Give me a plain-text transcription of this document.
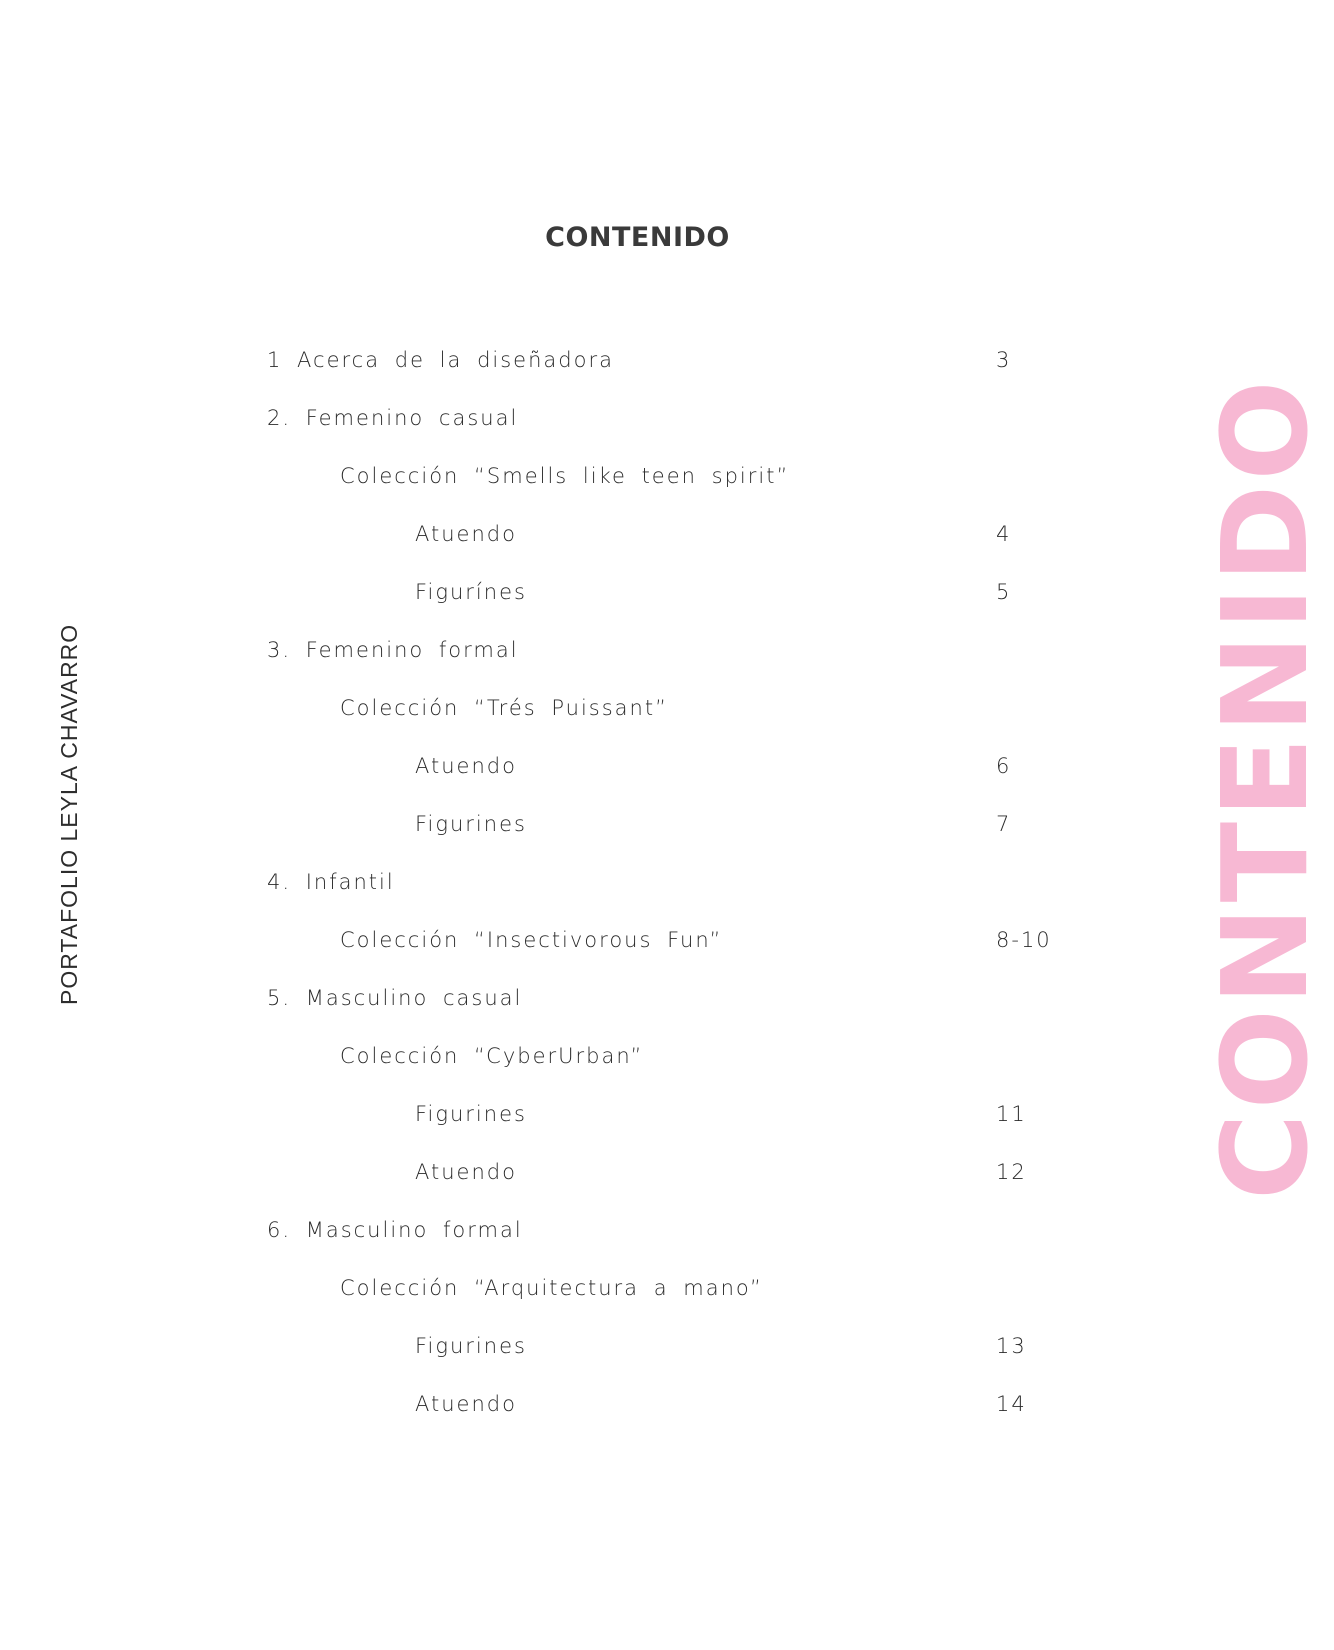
CONTENIDO
PORTAFOLIO LEYLA CHAVARRO	CONTENIDO
1 Acerca de la diseñadora	3
2. Femenino casual
Colección “Smells like teen spirit”
Atuendo	4
Figurínes	5
3. Femenino formal
Colección “Trés Puissant”
Atuendo	6
Figurines	7
4. Infantil
Colección “Insectivorous Fun”	8-10
5. Masculino casual
Colección “CyberUrban”
Figurines	11
Atuendo	12
6. Masculino formal
Colección “Arquitectura a mano”
Figurines	13
Atuendo	14
